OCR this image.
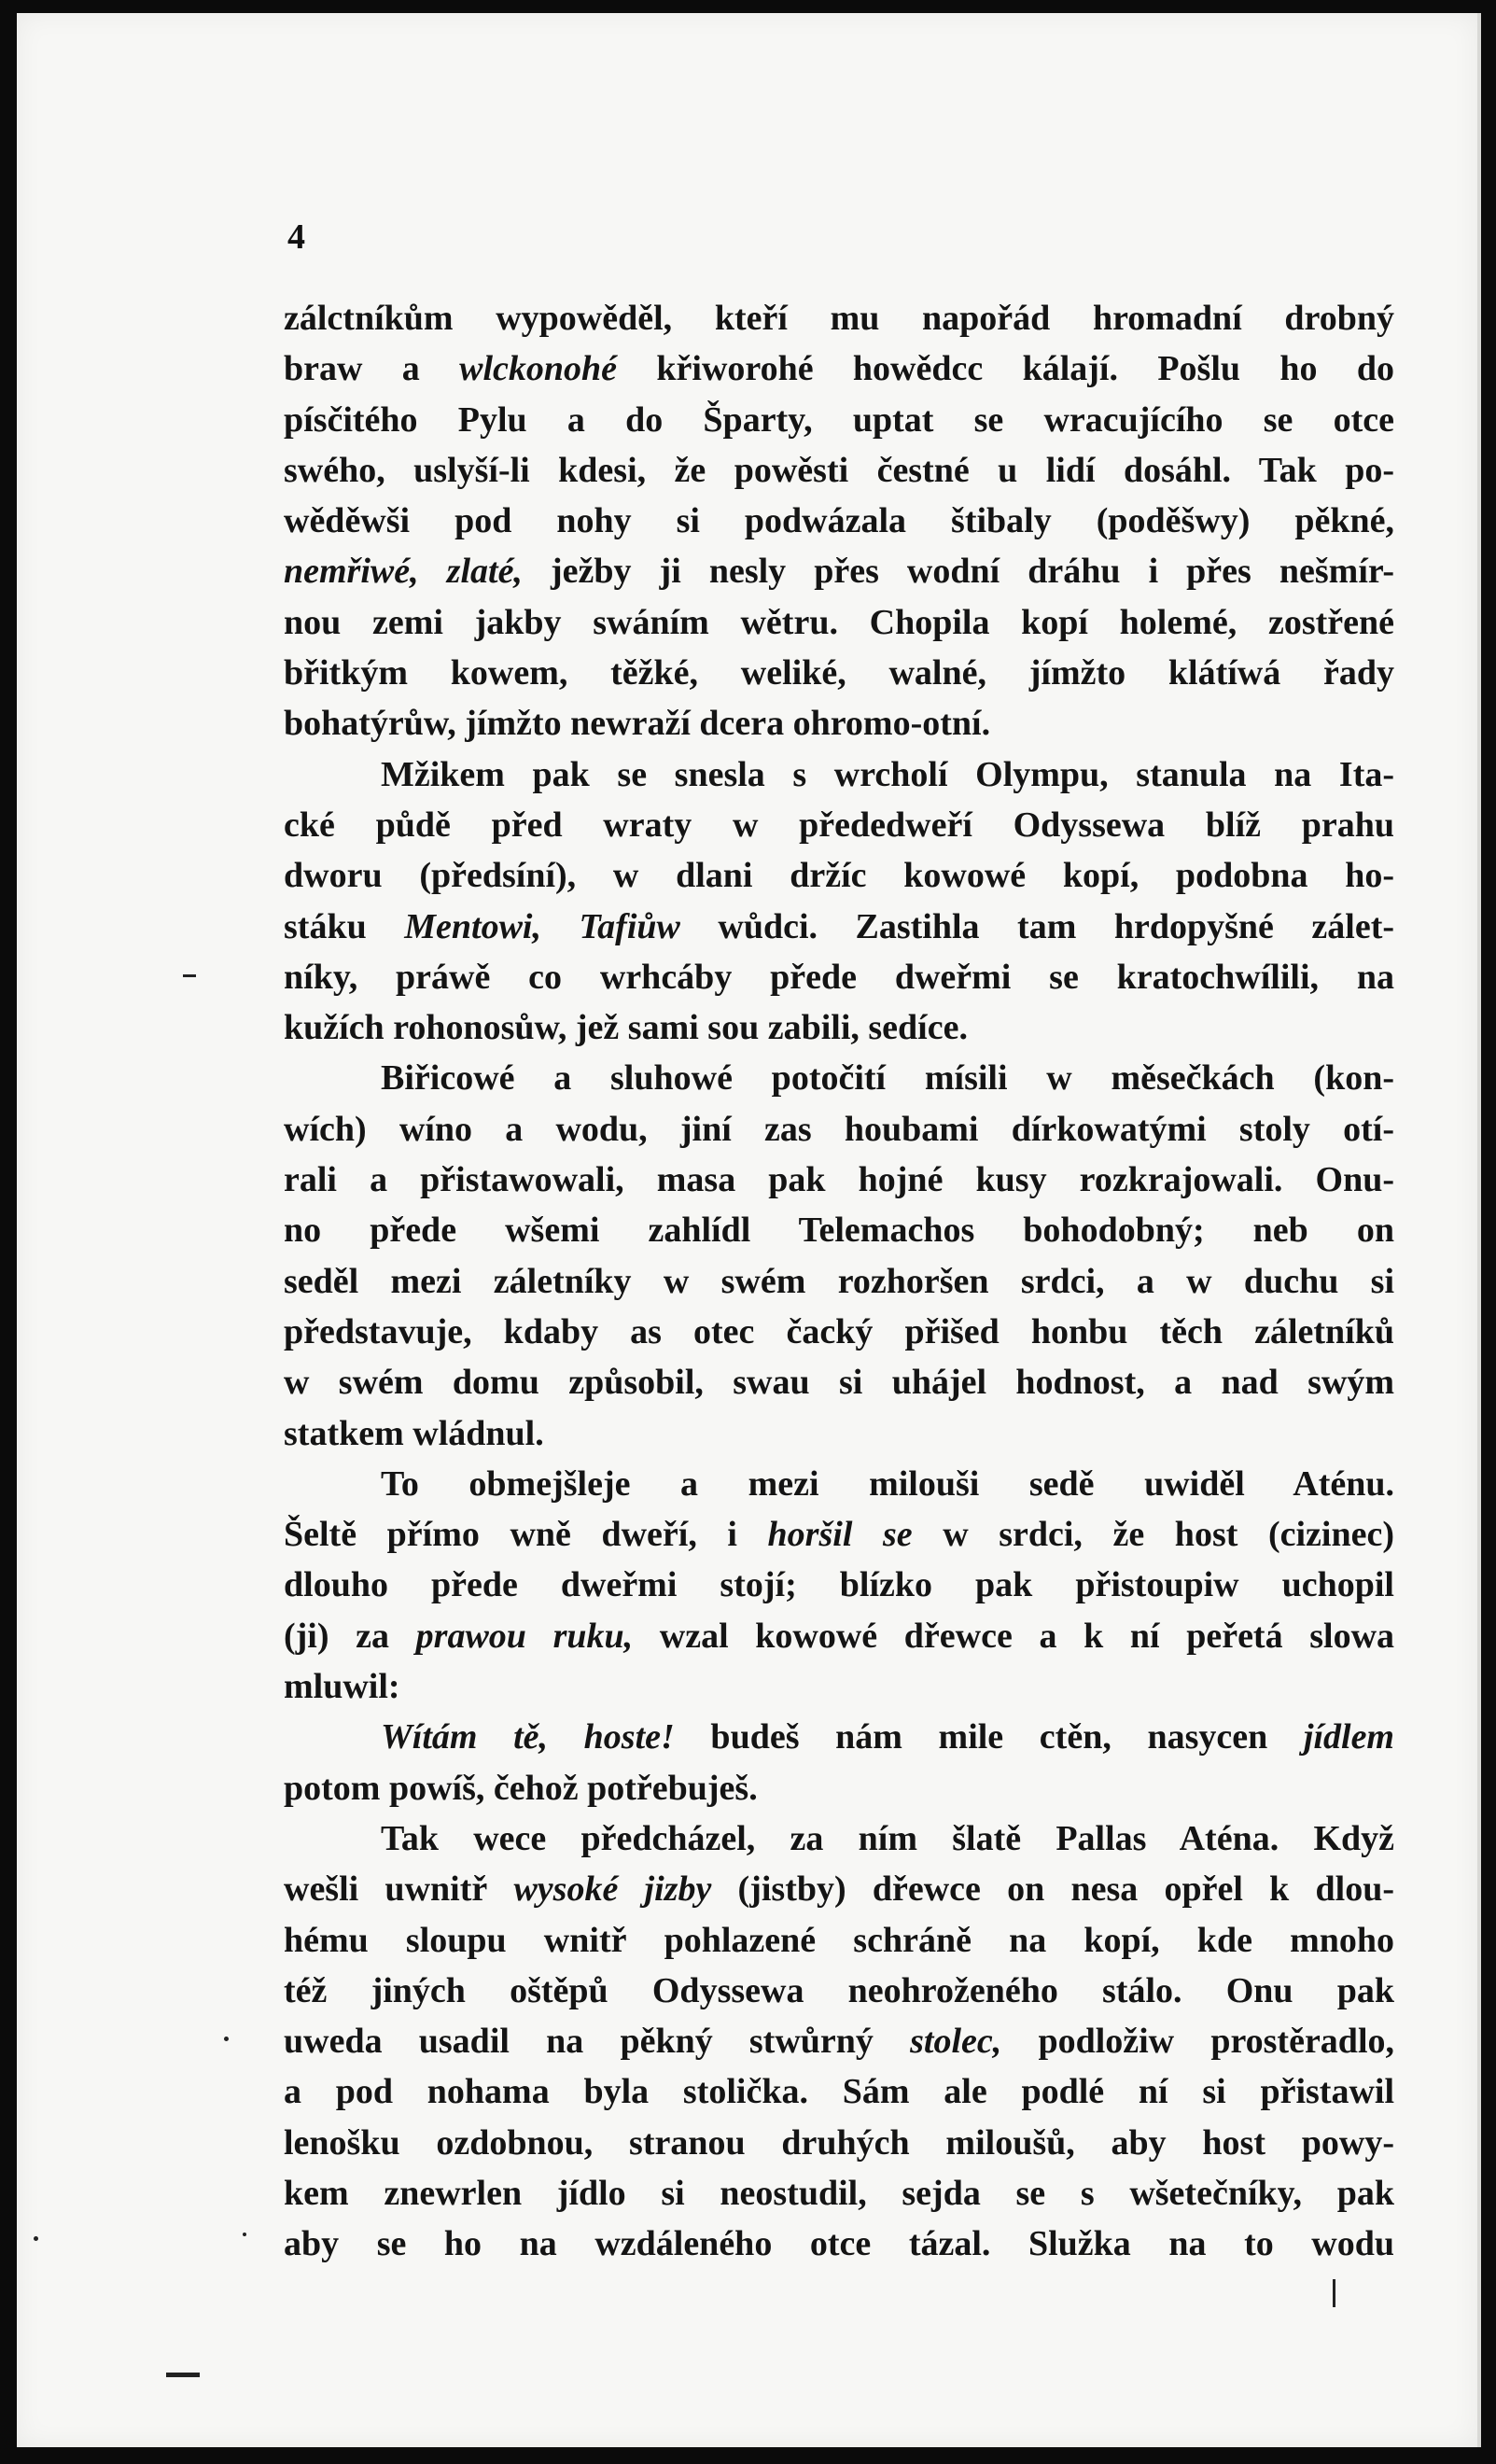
4
zálctníkům wypowěděl, kteří mu napořád hromadní drobný
braw a wlckonohé křiworohé howědcc kálají. Pošlu ho do
písčitého Pylu a do Šparty, uptat se wracujícího se otce
swého, uslyší-li kdesi, že powěsti čestné u lidí dosáhl. Tak po-
wěděwši pod nohy si podwázala štibaly (poděšwy) pěkné,
nemřiwé, zlaté, ježby ji nesly přes wodní dráhu i přes nešmír-
nou zemi jakby swáním wětru. Chopila kopí holemé, zostřené
břitkým kowem, těžké, weliké, walné, jímžto klátíwá řady
bohatýrůw, jímžto newraží dcera ohromo-otní.
Mžikem pak se snesla s wrcholí Olympu, stanula na Ita-
cké půdě před wraty w přededweří Odyssewa blíž prahu
dworu (předsíní), w dlani držíc kowowé kopí, podobna ho-
stáku Mentowi, Tafiůw wůdci. Zastihla tam hrdopyšné zálet-
níky, práwě co wrhcáby přede dweřmi se kratochwílili, na
kužích rohonosůw, jež sami sou zabili, sedíce.
Biřicowé a sluhowé potočití mísili w měsečkách (kon-
wích) wíno a wodu, jiní zas houbami dírkowatými stoly otí-
rali a přistawowali, masa pak hojné kusy rozkrajowali. Onu-
no přede wšemi zahlídl Telemachos bohodobný; neb on
seděl mezi záletníky w swém rozhoršen srdci, a w duchu si
představuje, kdaby as otec čacký přišed honbu těch záletníků
w swém domu způsobil, swau si uhájel hodnost, a nad swým
statkem wládnul.
To obmejšleje a mezi milouši sedě uwiděl Aténu.
Šeltě přímo wně dweří, i horšil se w srdci, že host (cizinec)
dlouho přede dweřmi stojí; blízko pak přistoupiw uchopil
(ji) za prawou ruku, wzal kowowé dřewce a k ní peřetá slowa
mluwil:
Wítám tě, hoste! budeš nám mile ctěn, nasycen jídlem
potom powíš, čehož potřebuješ.
Tak wece předcházel, za ním šlatě Pallas Aténa. Když
wešli uwnitř wysoké jizby (jistby) dřewce on nesa opřel k dlou-
hému sloupu wnitř pohlazené schráně na kopí, kde mnoho
též jiných oštěpů Odyssewa neohroženého stálo. Onu pak
uweda usadil na pěkný stwůrný stolec, podložiw prostěradlo,
a pod nohama byla stolička. Sám ale podlé ní si přistawil
lenošku ozdobnou, stranou druhých miloušů, aby host powy-
kem znewrlen jídlo si neostudil, sejda se s wšetečníky, pak
aby se ho na wzdáleného otce tázal. Služka na to wodu
